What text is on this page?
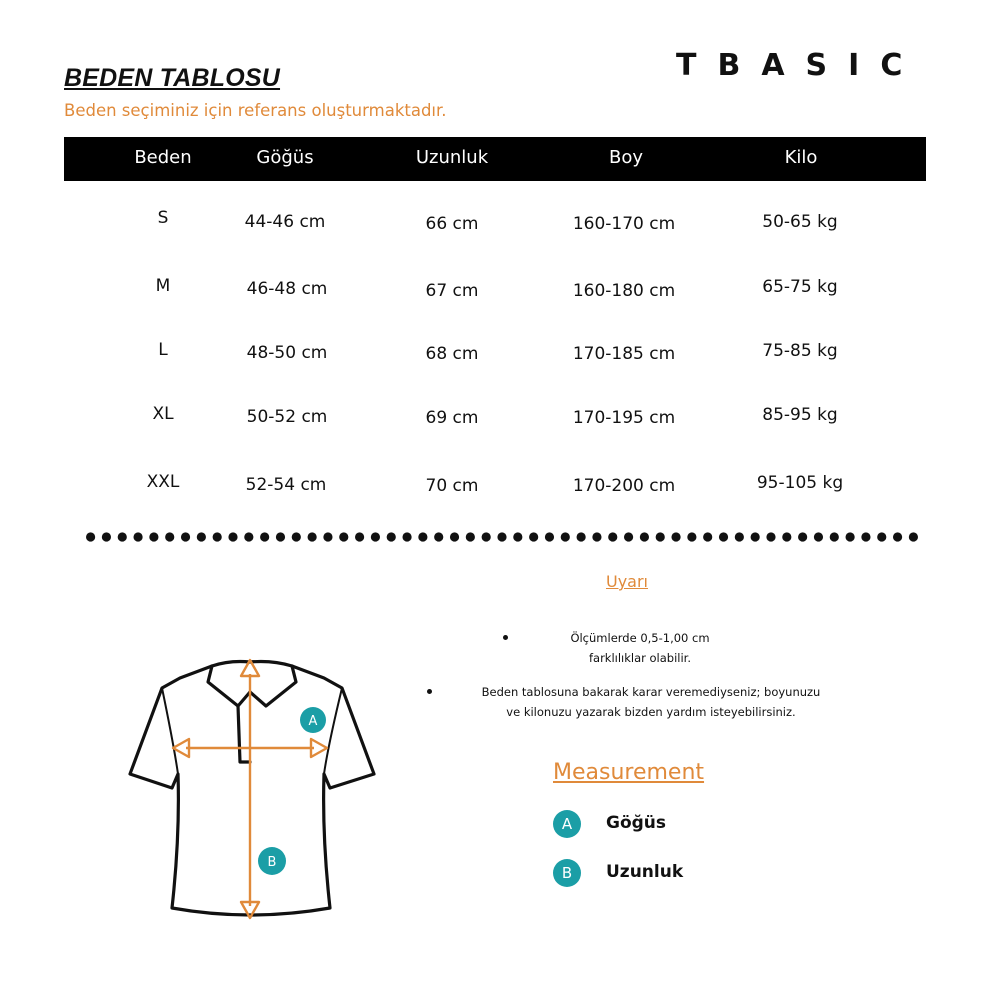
BEDEN TABLOSU
Beden seçiminiz için referans oluşturmaktadır.
TBASIC
Beden	Göğüs	Uzunluk	Boy	Kilo
S	44-46 cm	66 cm	160-170 cm	50-65 kg
M	46-48 cm	67 cm	160-180 cm	65-75 kg
L	48-50 cm	68 cm	170-185 cm	75-85 kg
XL	50-52 cm	69 cm	170-195 cm	85-95 kg
XXL	52-54 cm	70 cm	170-200 cm	95-105 kg
Uyarı
Ölçümlerde 0,5-1,00 cm
farklılıklar olabilir.
Beden tablosuna bakarak karar veremediyseniz; boyunuzu
ve kilonuzu yazarak bizden yardım isteyebilirsiniz.
Measurement
A	Göğüs
B	Uzunluk
A
B
